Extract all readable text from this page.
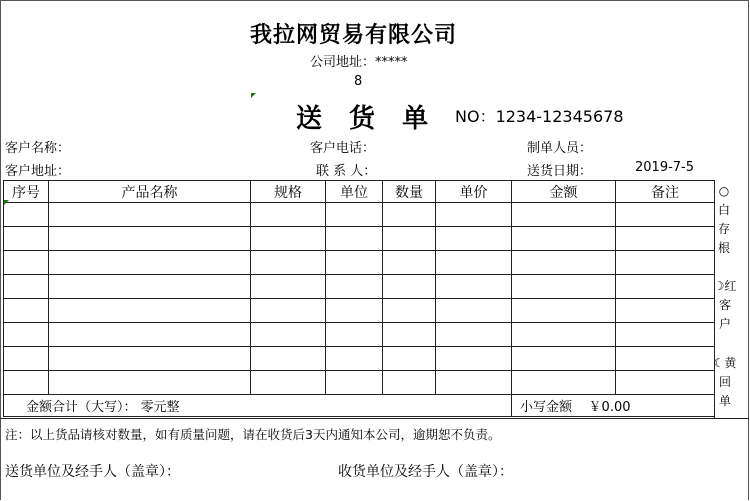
我拉网贸易有限公司
公司地址：*****
8
送 货 单 NO：1234-12345678
客户名称：	客户电话：	制单人员：
客户地址：	联 系 人：	送货日期：	2019-7-5
序号	产品名称	规格	单位	数量	单价	金额	备注

金额合计（大写）： 零元整						小写金额 ￥0.00	
○
白
存
根
☽红
客
户
☾黄
回
单
注：以上货品请核对数量，如有质量问题，请在收货后3天内通知本公司，逾期恕不负责。
送货单位及经手人（盖章）：	收货单位及经手人（盖章）：
